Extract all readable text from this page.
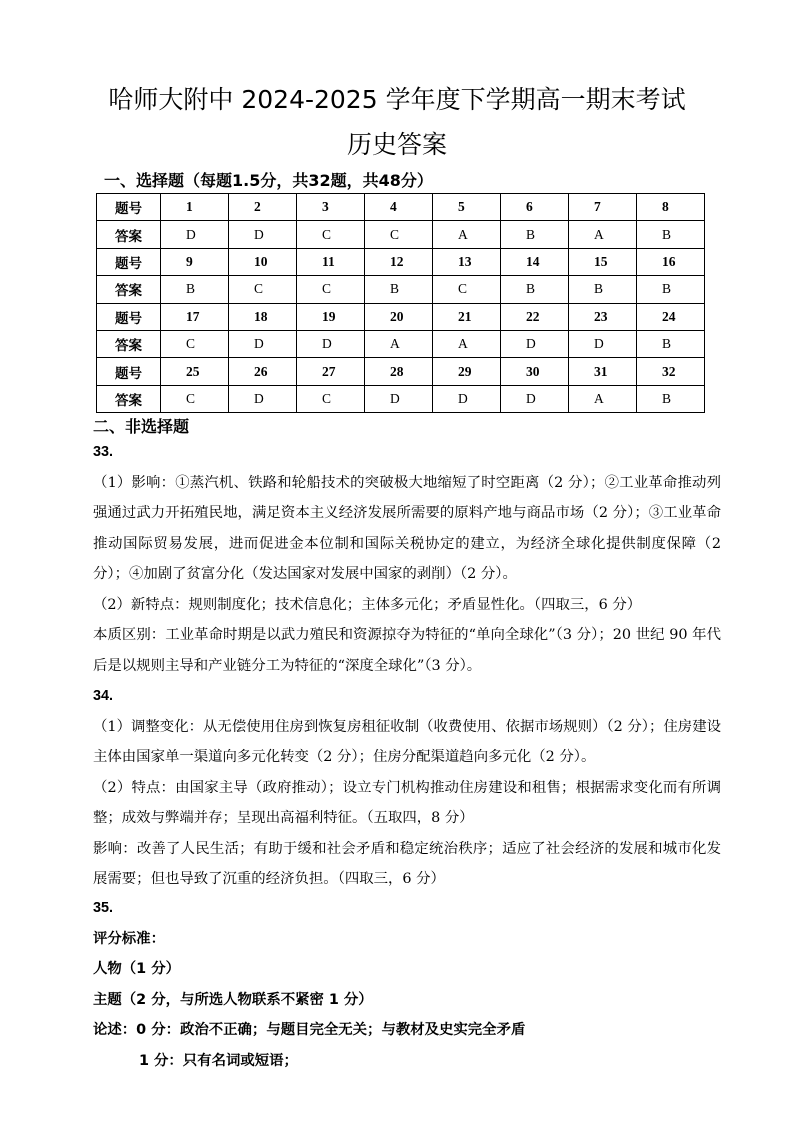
哈师大附中 2024-2025 学年度下学期高一期末考试
历史答案
一、选择题（每题1.5分，共32题，共48分）
题号	1	2	3	4	5	6	7	8
答案	D	D	C	C	A	B	A	B
题号	9	10	11	12	13	14	15	16
答案	B	C	C	B	C	B	B	B
题号	17	18	19	20	21	22	23	24
答案	C	D	D	A	A	D	D	B
题号	25	26	27	28	29	30	31	32
答案	C	D	C	D	D	D	A	B
二、非选择题
33.

（1）影响：①蒸汽机、铁路和轮船技术的突破极大地缩短了时空距离（2 分）；②工业革命推动列强通过武力开拓殖民地，满足资本主义经济发展所需要的原料产地与商品市场（2 分）；③工业革命推动国际贸易发展，进而促进金本位制和国际关税协定的建立，为经济全球化提供制度保障（2 分）；④加剧了贫富分化（发达国家对发展中国家的剥削）（2 分）。

（2）新特点：规则制度化；技术信息化；主体多元化；矛盾显性化。（四取三，6 分）

本质区别：工业革命时期是以武力殖民和资源掠夺为特征的“单向全球化”（3 分）；20 世纪 90 年代后是以规则主导和产业链分工为特征的“深度全球化”（3 分）。

34.

（1）调整变化：从无偿使用住房到恢复房租征收制（收费使用、依据市场规则）（2 分）；住房建设主体由国家单一渠道向多元化转变（2 分）；住房分配渠道趋向多元化（2 分）。

（2）特点：由国家主导（政府推动）；设立专门机构推动住房建设和租售；根据需求变化而有所调整；成效与弊端并存；呈现出高福利特征。（五取四，8 分）

影响：改善了人民生活；有助于缓和社会矛盾和稳定统治秩序；适应了社会经济的发展和城市化发展需要；但也导致了沉重的经济负担。（四取三，6 分）

35.
评分标准：
人物（1 分）
主题（2 分，与所选人物联系不紧密 1 分）
论述：0 分：政治不正确；与题目完全无关；与教材及史实完全矛盾
1 分：只有名词或短语；
